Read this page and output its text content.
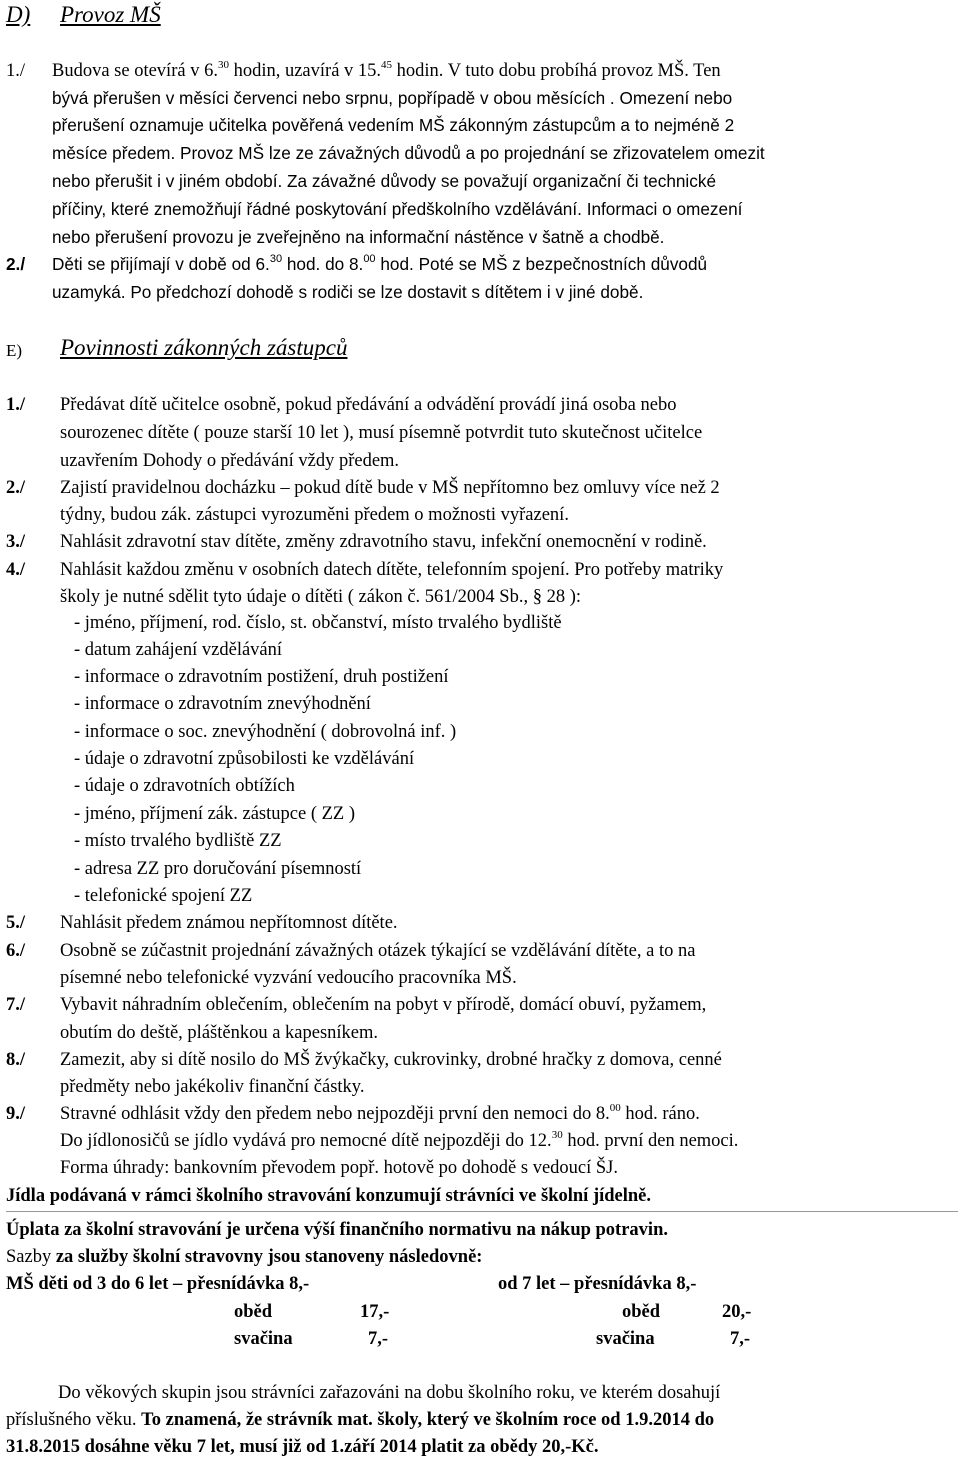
D) Provoz MŠ
1./ Budova se otevírá v 6.30 hodin, uzavírá v 15.45 hodin. V tuto dobu probíhá provoz MŠ. Ten
bývá přerušen v měsíci červenci nebo srpnu, popřípadě v obou měsících . Omezení nebo
přerušení oznamuje učitelka pověřená vedením MŠ zákonným zástupcům a to nejméně 2
měsíce předem. Provoz MŠ lze ze závažných důvodů a po projednání se zřizovatelem omezit
nebo přerušit i v jiném období. Za závažné důvody se považují organizační či technické
příčiny, které znemožňují řádné poskytování předškolního vzdělávání. Informaci o omezení
nebo přerušení provozu je zveřejněno na informační nástěnce v šatně a chodbě.
2./ Děti se přijímají v době od 6.30 hod. do 8.00 hod. Poté se MŠ z bezpečnostních důvodů
uzamyká. Po předchozí dohodě s rodiči se lze dostavit s dítětem i v jiné době.
E) Povinnosti zákonných zástupců
1./ Předávat dítě učitelce osobně, pokud předávání a odvádění provádí jiná osoba nebo
sourozenec dítěte ( pouze starší 10 let ), musí písemně potvrdit tuto skutečnost učitelce
uzavřením Dohody o předávání vždy předem.
2./ Zajistí pravidelnou docházku – pokud dítě bude v MŠ nepřítomno bez omluvy více než 2
týdny, budou zák. zástupci vyrozuměni předem o možnosti vyřazení.
3./ Nahlásit zdravotní stav dítěte, změny zdravotního stavu, infekční onemocnění v rodině.
4./ Nahlásit každou změnu v osobních datech dítěte, telefonním spojení. Pro potřeby matriky
školy je nutné sdělit tyto údaje o dítěti ( zákon č. 561/2004 Sb., § 28 ):
- jméno, příjmení, rod. číslo, st. občanství, místo trvalého bydliště
- datum zahájení vzdělávání
- informace o zdravotním postižení, druh postižení
- informace o zdravotním znevýhodnění
- informace o soc. znevýhodnění ( dobrovolná inf. )
- údaje o zdravotní způsobilosti ke vzdělávání
- údaje o zdravotních obtížích
- jméno, příjmení zák. zástupce ( ZZ )
- místo trvalého bydliště ZZ
- adresa ZZ pro doručování písemností
- telefonické spojení ZZ
5./ Nahlásit předem známou nepřítomnost dítěte.
6./ Osobně se zúčastnit projednání závažných otázek týkající se vzdělávání dítěte, a to na
písemné nebo telefonické vyzvání vedoucího pracovníka MŠ.
7./ Vybavit náhradním oblečením, oblečením na pobyt v přírodě, domácí obuví, pyžamem,
obutím do deště, pláštěnkou a kapesníkem.
8./ Zamezit, aby si dítě nosilo do MŠ žvýkačky, cukrovinky, drobné hračky z domova, cenné
předměty nebo jakékoliv finanční částky.
9./ Stravné odhlásit vždy den předem nebo nejpozději první den nemoci do 8.00 hod. ráno.
Do jídlonosičů se jídlo vydává pro nemocné dítě nejpozději do 12.30 hod. první den nemoci.
Forma úhrady: bankovním převodem popř. hotově po dohodě s vedoucí ŠJ.
Jídla podávaná v rámci školního stravování konzumují strávníci ve školní jídelně.
Úplata za školní stravování je určena výší finančního normativu na nákup potravin.
Sazby za služby školní stravovny jsou stanoveny následovně:
MŠ děti od 3 do 6 let – přesnídávka 8,-	od 7 let – přesnídávka 8,-
oběd	17,-	oběd	20,-
svačina	7,-	svačina	7,-
Do věkových skupin jsou strávníci zařazováni na dobu školního roku, ve kterém dosahují
příslušného věku. To znamená, že strávník mat. školy, který ve školním roce od 1.9.2014 do
31.8.2015 dosáhne věku 7 let, musí již od 1.září 2014 platit za obědy 20,-Kč.
